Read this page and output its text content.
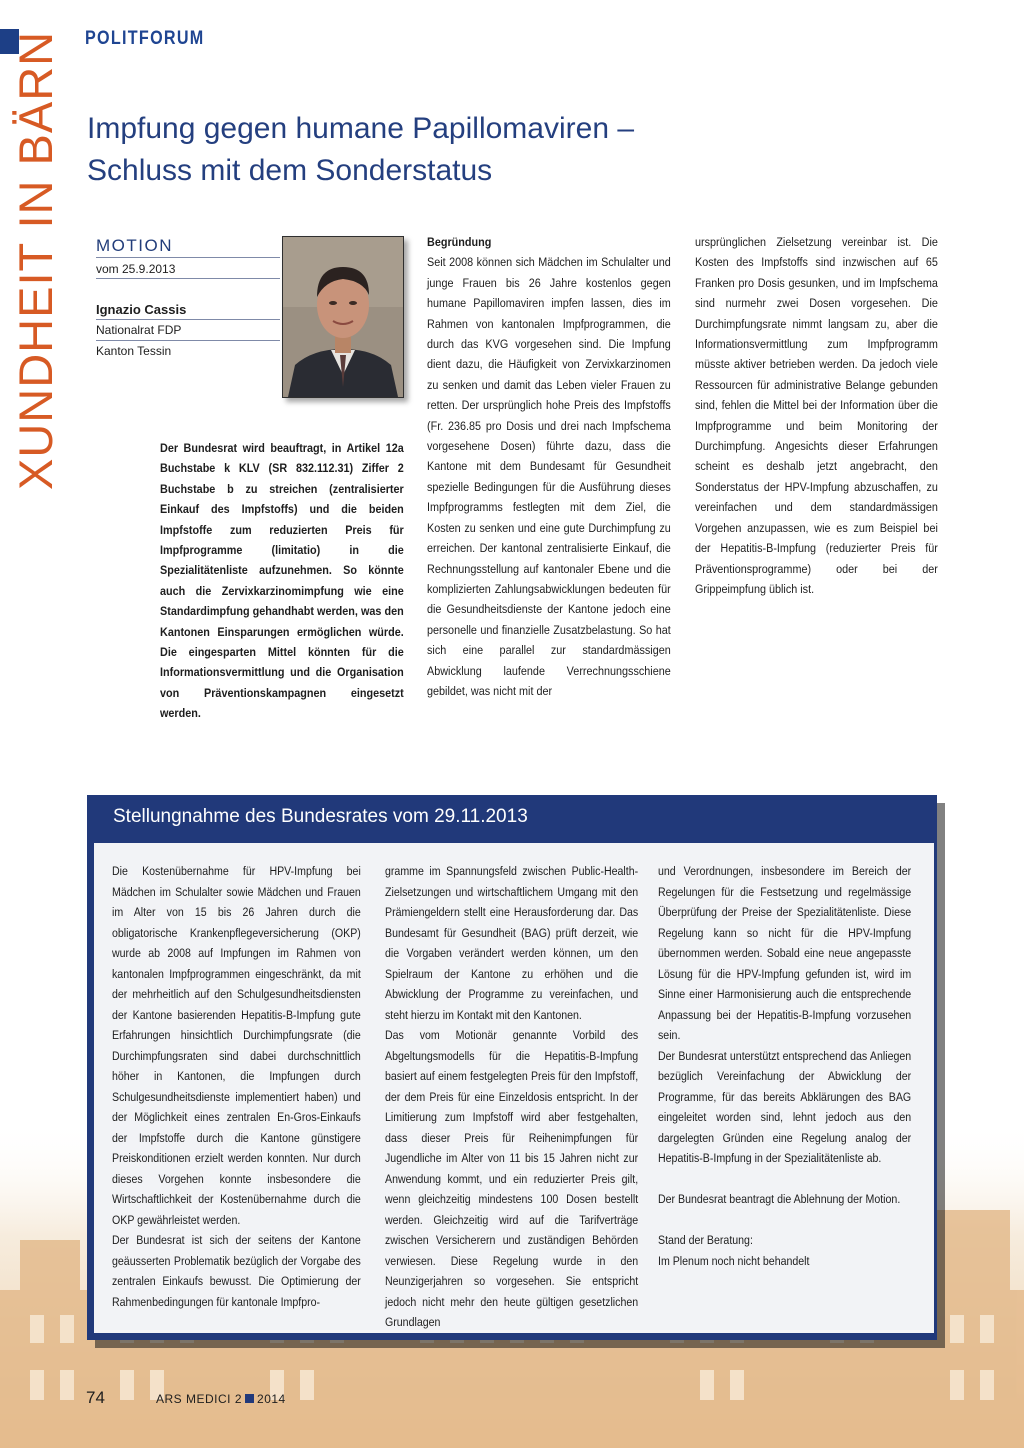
POLITFORUM
XUNDHEIT IN BÄRN Impfung gegen humane Papillomaviren –
Schluss mit dem Sonderstatus
MOTION
vom 25.9.2013
Ignazio Cassis
Nationalrat FDP
Kanton Tessin

Der Bundesrat wird beauftragt, in Artikel 12a Buchstabe k KLV (SR 832.112.31) Ziffer 2 Buchstabe b zu streichen (zentralisierter Einkauf des Impfstoffs) und die beiden Impfstoffe zum reduzierten Preis für Impfprogramme (limitatio) in die Spezialitätenliste aufzunehmen. So könnte auch die Zervixkarzinomimpfung wie eine Standardimpfung gehandhabt werden, was den Kantonen Einsparungen ermöglichen würde. Die eingesparten Mittel könnten für die Informationsvermittlung und die Organisation von Präventionskampagnen eingesetzt werden.

Begründung

Seit 2008 können sich Mädchen im Schulalter und junge Frauen bis 26 Jahre kostenlos gegen humane Papillomaviren impfen lassen, dies im Rahmen von kantonalen Impfprogrammen, die durch das KVG vorgesehen sind. Die Impfung dient dazu, die Häufigkeit von Zervixkarzinomen zu senken und damit das Leben vieler Frauen zu retten. Der ursprünglich hohe Preis des Impfstoffs (Fr. 236.85 pro Dosis und drei nach Impfschema vorgesehene Dosen) führte dazu, dass die Kantone mit dem Bundesamt für Gesundheit spezielle Bedingungen für die Ausführung dieses Impfprogramms festlegten mit dem Ziel, die Kosten zu senken und eine gute Durchimpfung zu erreichen. Der kantonal zentralisierte Einkauf, die Rechnungsstellung auf kantonaler Ebene und die komplizierten Zahlungsabwicklungen bedeuten für die Gesundheitsdienste der Kantone jedoch eine personelle und finanzielle Zusatzbelastung. So hat sich eine parallel zur standardmässigen Abwicklung laufende Verrechnungsschiene gebildet, was nicht mit der

ursprünglichen Zielsetzung vereinbar ist. Die Kosten des Impfstoffs sind inzwischen auf 65 Franken pro Dosis gesunken, und im Impfschema sind nurmehr zwei Dosen vorgesehen. Die Durchimpfungsrate nimmt langsam zu, aber die Informationsvermittlung zum Impfprogramm müsste aktiver betrieben werden. Da jedoch viele Ressourcen für administrative Belange gebunden sind, fehlen die Mittel bei der Information über die Impfprogramme und beim Monitoring der Durchimpfung. Angesichts dieser Erfahrungen scheint es deshalb jetzt angebracht, den Sonderstatus der HPV-Impfung abzuschaffen, zu vereinfachen und dem standardmässigen Vorgehen anzupassen, wie es zum Beispiel bei der Hepatitis-B-Impfung (reduzierter Preis für Präventionsprogramme) oder bei der Grippeimpfung üblich ist.

Stellungnahme des Bundesrates vom 29.11.2013

Die Kostenübernahme für HPV-Impfung bei Mädchen im Schulalter sowie Mädchen und Frauen im Alter von 15 bis 26 Jahren durch die obligatorische Krankenpflegeversicherung (OKP) wurde ab 2008 auf Impfungen im Rahmen von kantonalen Impfprogrammen eingeschränkt, da mit der mehrheitlich auf den Schulgesundheitsdiensten der Kantone basierenden Hepatitis-B-Impfung gute Erfahrungen hinsichtlich Durchimpfungsrate (die Durchimpfungsraten sind dabei durchschnittlich höher in Kantonen, die Impfungen durch Schulgesundheitsdienste implementiert haben) und der Möglichkeit eines zentralen En-Gros-Einkaufs der Impfstoffe durch die Kantone günstigere Preiskonditionen erzielt werden konnten. Nur durch dieses Vorgehen konnte insbesondere die Wirtschaftlichkeit der Kostenübernahme durch die OKP gewährleistet werden.

Der Bundesrat ist sich der seitens der Kantone geäusserten Problematik bezüglich der Vorgabe des zentralen Einkaufs bewusst. Die Optimierung der Rahmenbedingungen für kantonale Impfpro-

gramme im Spannungsfeld zwischen Public-Health-Zielsetzungen und wirtschaftlichem Umgang mit den Prämiengeldern stellt eine Herausforderung dar. Das Bundesamt für Gesundheit (BAG) prüft derzeit, wie die Vorgaben verändert werden können, um den Spielraum der Kantone zu erhöhen und die Abwicklung der Programme zu vereinfachen, und steht hierzu im Kontakt mit den Kantonen.

Das vom Motionär genannte Vorbild des Abgeltungsmodells für die Hepatitis-B-Impfung basiert auf einem festgelegten Preis für den Impfstoff, der dem Preis für eine Einzeldosis entspricht. In der Limitierung zum Impfstoff wird aber festgehalten, dass dieser Preis für Reihenimpfungen für Jugendliche im Alter von 11 bis 15 Jahren nicht zur Anwendung kommt, und ein reduzierter Preis gilt, wenn gleichzeitig mindestens 100 Dosen bestellt werden. Gleichzeitig wird auf die Tarifverträge zwischen Versicherern und zuständigen Behörden verwiesen. Diese Regelung wurde in den Neunzigerjahren so vorgesehen. Sie entspricht jedoch nicht mehr den heute gültigen gesetzlichen Grundlagen

und Verordnungen, insbesondere im Bereich der Regelungen für die Festsetzung und regelmässige Überprüfung der Preise der Spezialitätenliste. Diese Regelung kann so nicht für die HPV-Impfung übernommen werden. Sobald eine neue angepasste Lösung für die HPV-Impfung gefunden ist, wird im Sinne einer Harmonisierung auch die entsprechende Anpassung bei der Hepatitis-B-Impfung vorzusehen sein.

Der Bundesrat unterstützt entsprechend das Anliegen bezüglich Vereinfachung der Abwicklung der Programme, für das bereits Abklärungen des BAG eingeleitet worden sind, lehnt jedoch aus den dargelegten Gründen eine Regelung analog der Hepatitis-B-Impfung in der Spezialitätenliste ab.

Der Bundesrat beantragt die Ablehnung der Motion.

Stand der Beratung:

Im Plenum noch nicht behandelt

74	ARS MEDICI 2 2014
